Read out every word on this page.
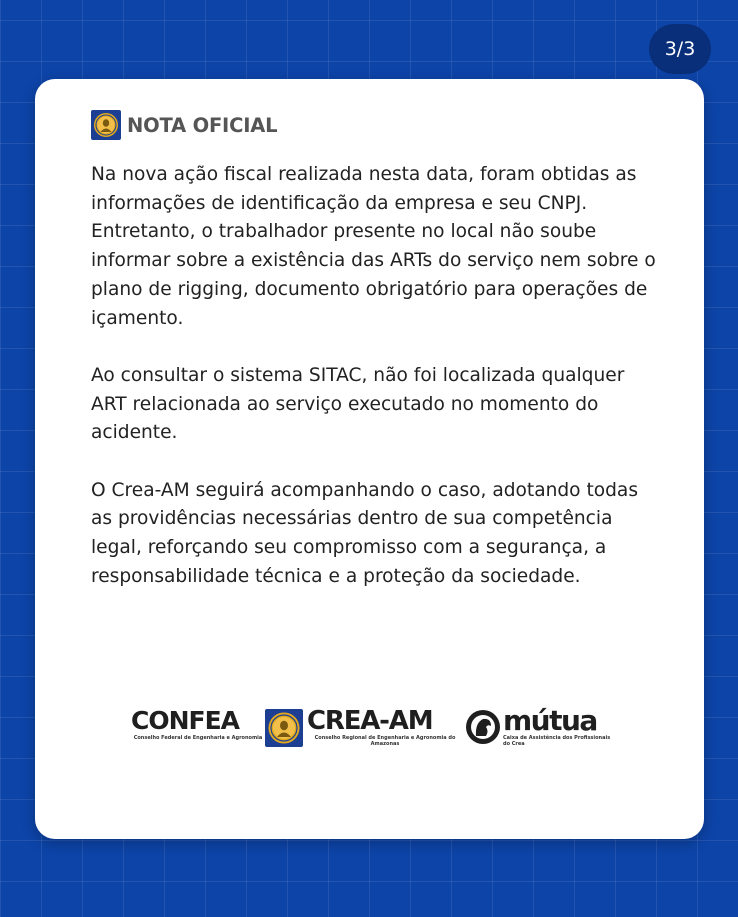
3/3
NOTA OFICIAL

Na nova ação fiscal realizada nesta data, foram obtidas as informações de identificação da empresa e seu CNPJ. Entretanto, o trabalhador presente no local não soube informar sobre a existência das ARTs do serviço nem sobre o plano de rigging, documento obrigatório para operações de içamento.

Ao consultar o sistema SITAC, não foi localizada qualquer ART relacionada ao serviço executado no momento do acidente.

O Crea-AM seguirá acompanhando o caso, adotando todas as providências necessárias dentro de sua competência legal, reforçando seu compromisso com a segurança, a responsabilidade técnica e a proteção da sociedade.

CONFEA
Conselho Federal de Engenharia e Agronomia
CREA-AM
Conselho Regional de Engenharia e Agronomia do Amazonas
mútua
Caixa de Assistência dos Profissionais do Crea
